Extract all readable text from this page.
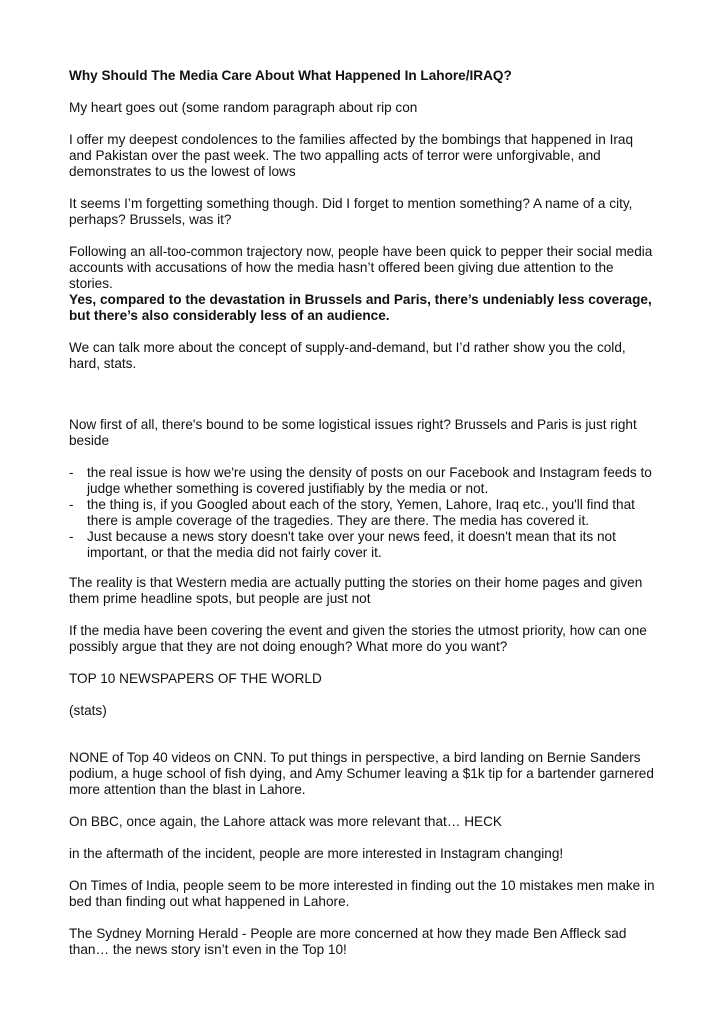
Why Should The Media Care About What Happened In Lahore/IRAQ?

My heart goes out (some random paragraph about rip con

I offer my deepest condolences to the families affected by the bombings that happened in Iraq and Pakistan over the past week. The two appalling acts of terror were unforgivable, and demonstrates to us the lowest of lows

It seems I’m forgetting something though. Did I forget to mention something? A name of a city, perhaps? Brussels, was it?

Following an all-too-common trajectory now, people have been quick to pepper their social media accounts with accusations of how the media hasn’t offered been giving due attention to the stories.

Yes, compared to the devastation in Brussels and Paris, there’s undeniably less coverage, but there’s also considerably less of an audience.

We can talk more about the concept of supply-and-demand, but I’d rather show you the cold, hard, stats.

Now first of all, there's bound to be some logistical issues right? Brussels and Paris is just right beside

- the real issue is how we're using the density of posts on our Facebook and Instagram feeds to judge whether something is covered justifiably by the media or not.
- the thing is, if you Googled about each of the story, Yemen, Lahore, Iraq etc., you'll find that there is ample coverage of the tragedies. They are there. The media has covered it.
- Just because a news story doesn't take over your news feed, it doesn't mean that its not important, or that the media did not fairly cover it.

The reality is that Western media are actually putting the stories on their home pages and given them prime headline spots, but people are just not

If the media have been covering the event and given the stories the utmost priority, how can one possibly argue that they are not doing enough? What more do you want?

TOP 10 NEWSPAPERS OF THE WORLD

(stats)

NONE of Top 40 videos on CNN. To put things in perspective, a bird landing on Bernie Sanders podium, a huge school of fish dying, and Amy Schumer leaving a $1k tip for a bartender garnered more attention than the blast in Lahore.

On BBC, once again, the Lahore attack was more relevant that… HECK

in the aftermath of the incident, people are more interested in Instagram changing!

On Times of India, people seem to be more interested in finding out the 10 mistakes men make in bed than finding out what happened in Lahore.

The Sydney Morning Herald - People are more concerned at how they made Ben Affleck sad than… the news story isn’t even in the Top 10!
